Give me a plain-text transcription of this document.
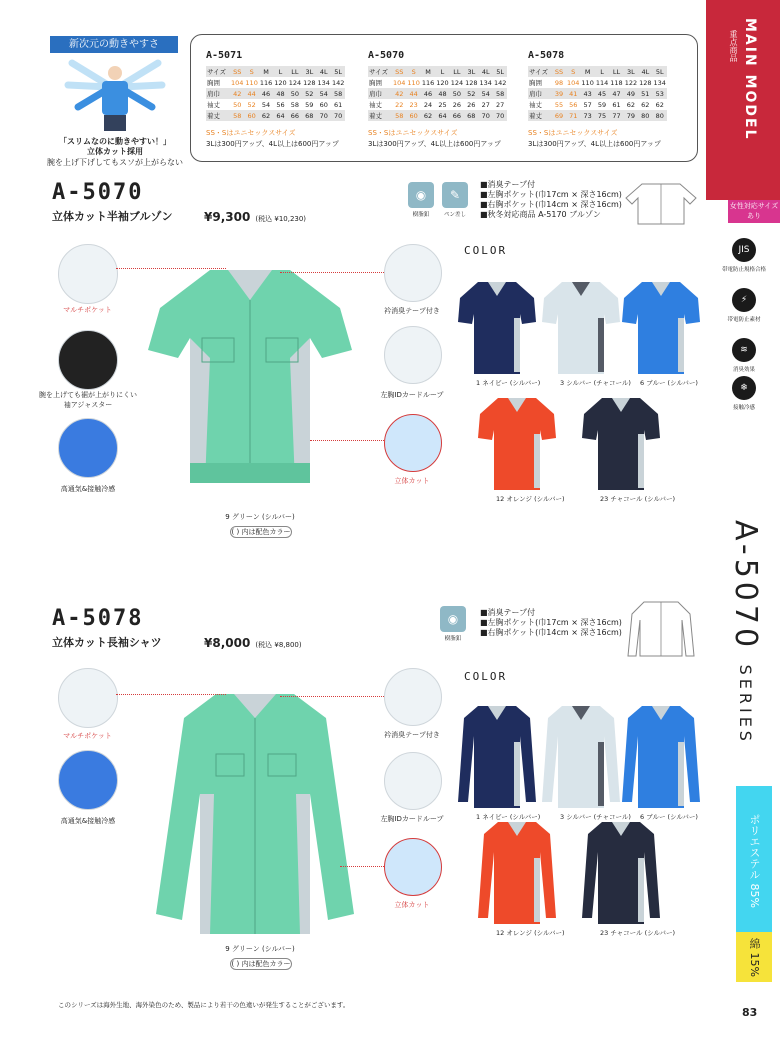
新次元の動きやすさ
「スリムなのに動きやすい！」
立体カット採用
腕を上げ下げしてもスソが上がらない
A-5071
サイズ	SS	S	M	L	LL	3L	4L	5L
胸囲	104	110	116	120	124	128	134	142
肩巾	42	44	46	48	50	52	54	58
袖丈	50	52	54	56	58	59	60	61
着丈	58	60	62	64	66	68	70	70
SS・Sはユニセックスサイズ
3Lは300円アップ、4L以上は600円アップ
A-5070
サイズ	SS	S	M	L	LL	3L	4L	5L
胸囲	104	110	116	120	124	128	134	142
肩巾	42	44	46	48	50	52	54	58
袖丈	22	23	24	25	26	26	27	27
着丈	58	60	62	64	66	68	70	70
SS・Sはユニセックスサイズ
3Lは300円アップ、4L以上は600円アップ
A-5078
サイズ	SS	S	M	L	LL	3L	4L	5L
胸囲	98	104	110	114	118	122	128	134
肩巾	39	41	43	45	47	49	51	53
袖丈	55	56	57	59	61	62	62	62
着丈	69	71	73	75	77	79	80	80
SS・Sはユニセックスサイズ
3Lは300円アップ、4L以上は600円アップ
MAIN MODEL
重点商品
女性対応サイズあり
JIS
帯電防止規格合格
⚡
帯電防止素材
≋
消臭効果
❄
接触冷感
A-5070 SERIES
ポリエステル 85%
綿 15%
83
A-5070
立体カット半袖ブルゾン	¥9,300 (税込 ¥10,230)
◉
樹脂釦
✎
ペン差し
■消臭テープ付
■左胸ポケット(巾17cm × 深さ16cm)
■右胸ポケット(巾14cm × 深さ16cm)
■秋冬対応商品 A-5170 ブルゾン
9 グリーン (シルバー)
( ) 内は配色カラー
マルチポケット
腕を上げても裾が上がりにくい
袖アジャスター
高通気&接触冷感
衿消臭テープ付き
左胸IDカードループ
立体カット
COLOR
1 ネイビー (シルバー)	3 シルバー (チャコール) 6 ブルー (シルバー)
12 オレンジ (シルバー)	23 チャコール (シルバー)
A-5078
立体カット長袖シャツ	¥8,000 (税込 ¥8,800)
◉
樹脂釦
■消臭テープ付
■左胸ポケット(巾17cm × 深さ16cm)
■右胸ポケット(巾14cm × 深さ16cm)
9 グリーン (シルバー)
( ) 内は配色カラー
マルチポケット
高通気&接触冷感
衿消臭テープ付き
左胸IDカードループ
立体カット
COLOR
1 ネイビー (シルバー)	3 シルバー (チャコール) 6 ブルー (シルバー)
12 オレンジ (シルバー)	23 チャコール (シルバー)
このシリーズは海外生地、海外染色のため、製品により若干の色違いが発生することがございます。
